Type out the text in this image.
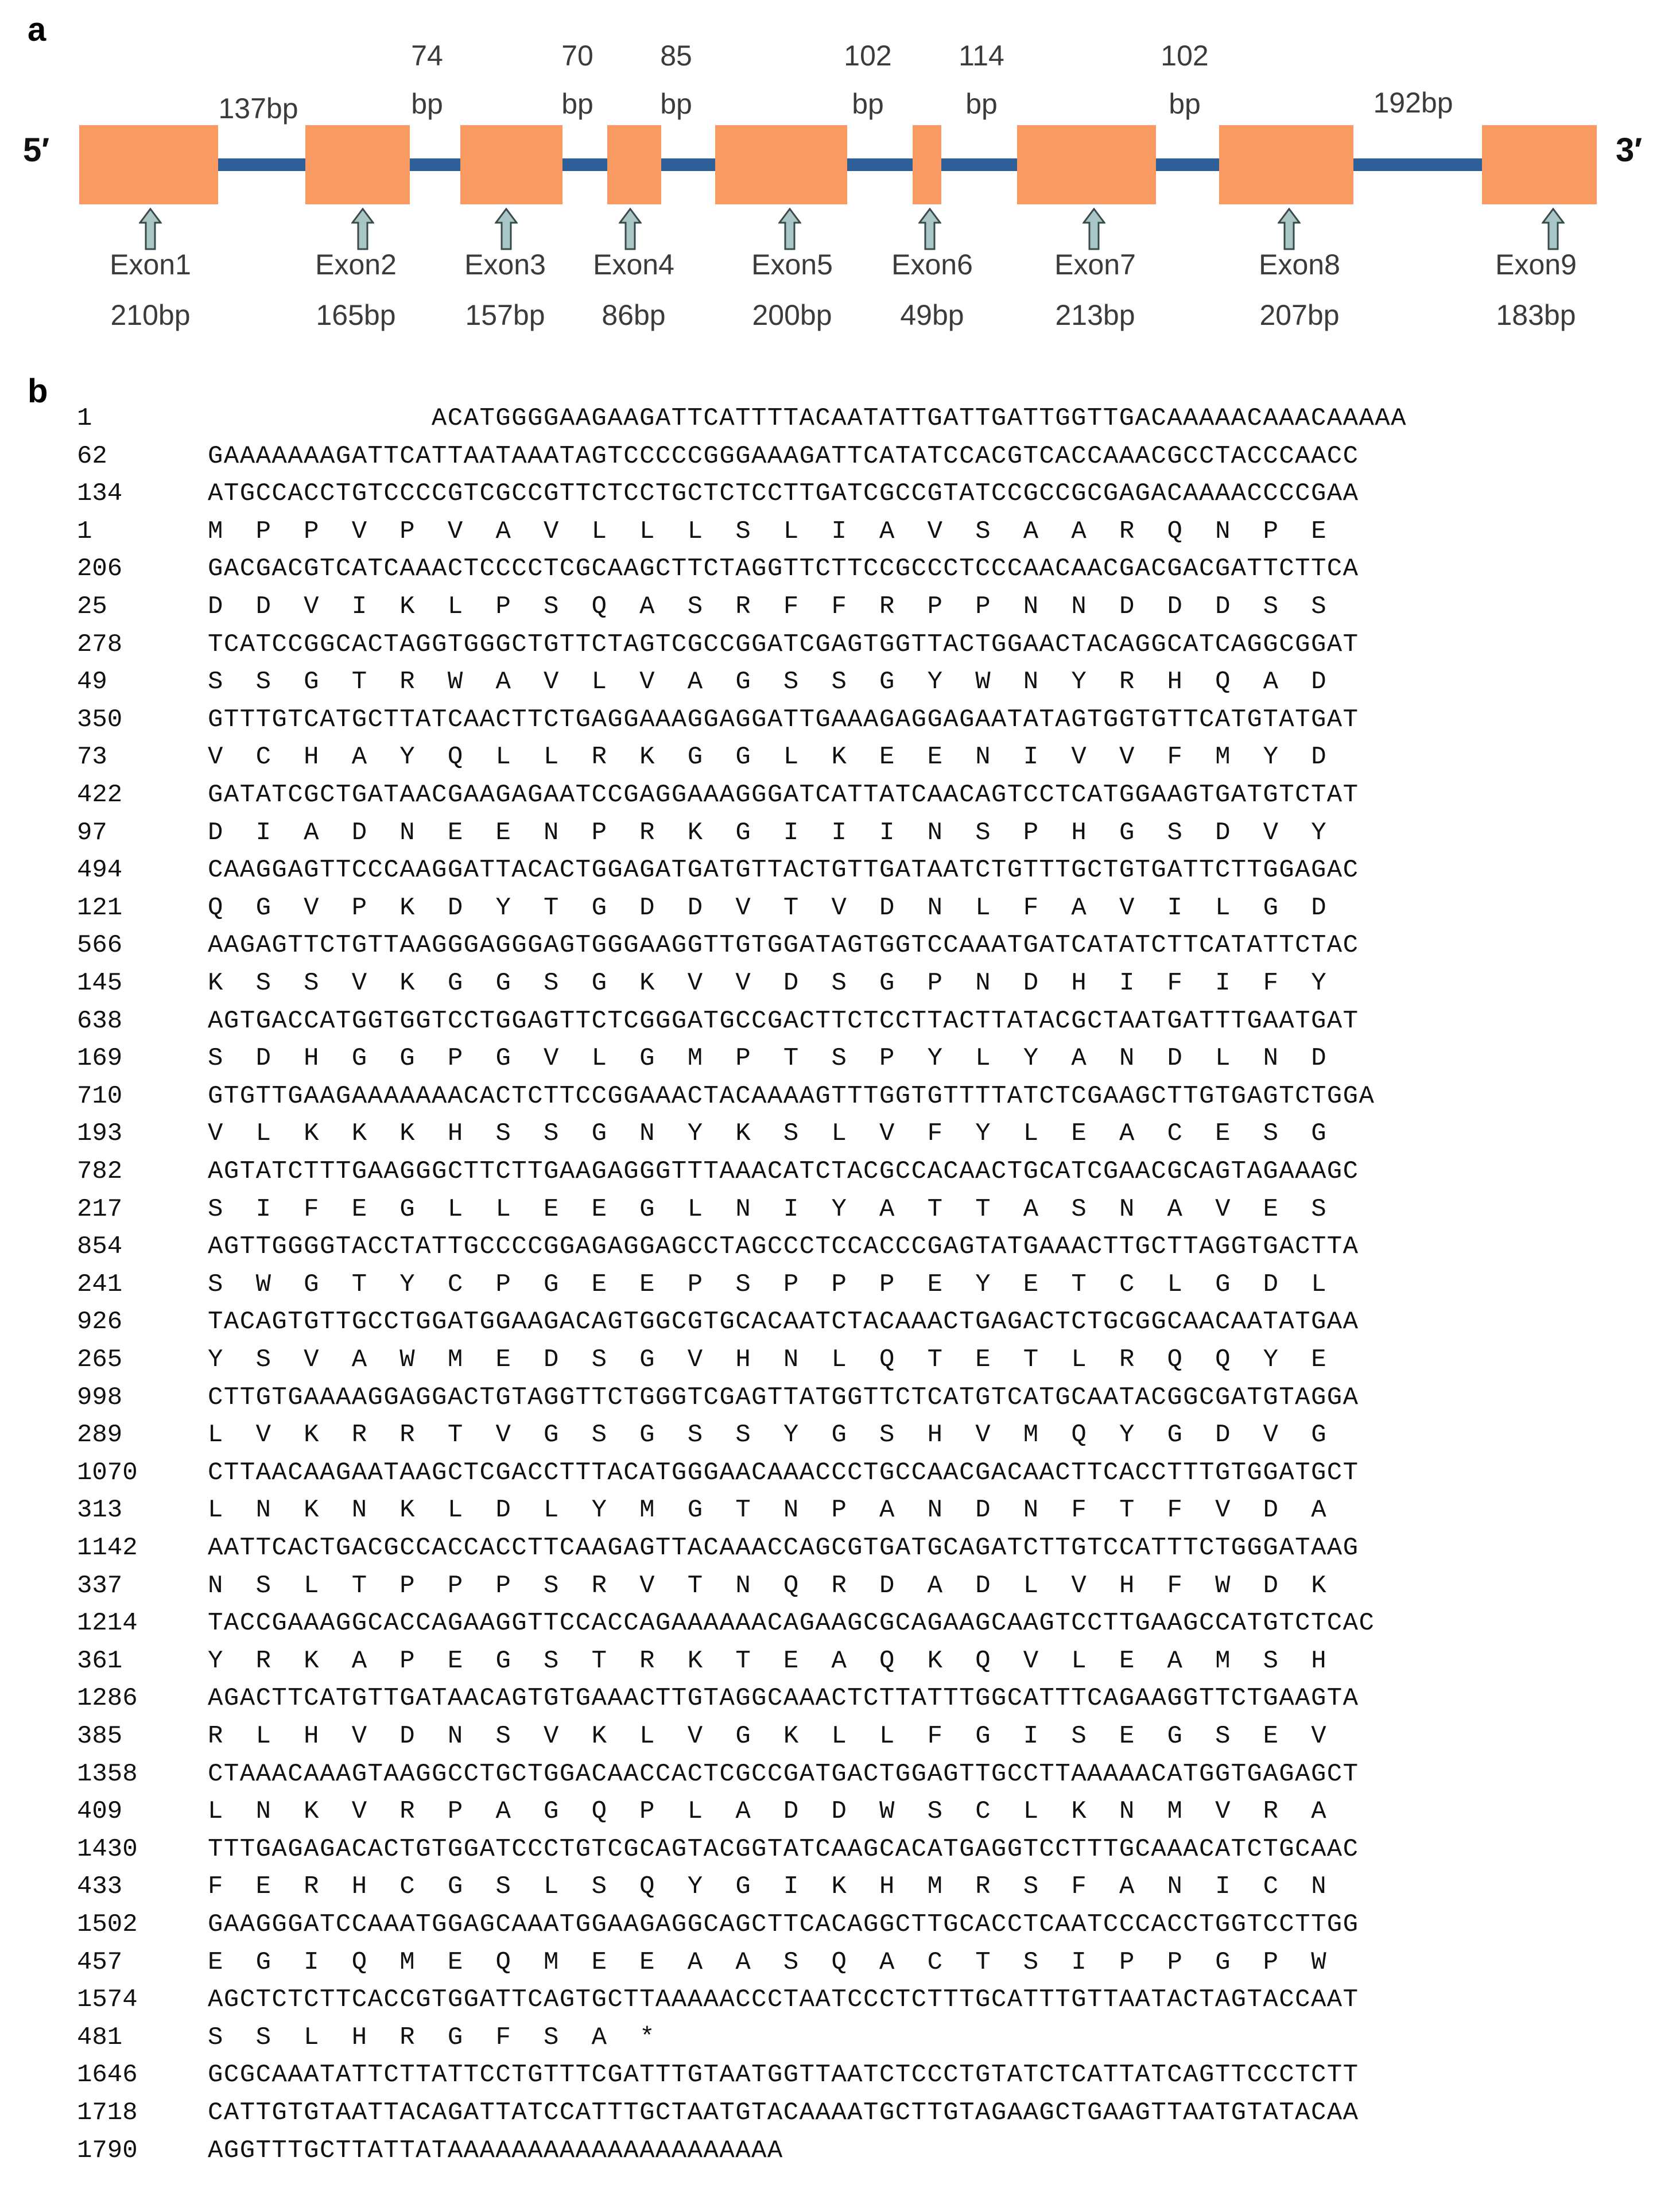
a
5′	3′
Exon1
210bp
Exon2
165bp
Exon3
157bp
Exon4
86bp
Exon5
200bp
Exon6
49bp
Exon7
213bp
Exon8
207bp
Exon9
183bp
137bp
74
bp
70
bp
85
bp
102
bp
114
bp
102
bp	192bp
b
1	ACATGGGGAAGAAGATTCATTTTACAATATTGATTGATTGGTTGACAAAAACAAACAAAAA
62	GAAAAAAAGATTCATTAATAAATAGTCCCCCGGGAAAGATTCATATCCACGTCACCAAACGCCTACCCAACC
134	ATGCCACCTGTCCCCGTCGCCGTTCTCCTGCTCTCCTTGATCGCCGTATCCGCCGCGAGACAAAACCCCGAA
1	M     P     P     V     P     V     A     V     L     L     L     S     L     I     A     V     S     A     A     R     Q     N     P     E
206	GACGACGTCATCAAACTCCCCTCGCAAGCTTCTAGGTTCTTCCGCCCTCCCAACAACGACGACGATTCTTCA
25	D     D     V     I     K     L     P     S     Q     A     S     R     F     F     R     P     P     N     N     D     D     D     S     S
278	TCATCCGGCACTAGGTGGGCTGTTCTAGTCGCCGGATCGAGTGGTTACTGGAACTACAGGCATCAGGCGGAT
49	S     S     G     T     R     W     A     V     L     V     A     G     S     S     G     Y     W     N     Y     R     H     Q     A     D
350	GTTTGTCATGCTTATCAACTTCTGAGGAAAGGAGGATTGAAAGAGGAGAATATAGTGGTGTTCATGTATGAT
73	V     C     H     A     Y     Q     L     L     R     K     G     G     L     K     E     E     N     I     V     V     F     M     Y     D
422	GATATCGCTGATAACGAAGAGAATCCGAGGAAAGGGATCATTATCAACAGTCCTCATGGAAGTGATGTCTAT
97	D     I     A     D     N     E     E     N     P     R     K     G     I     I     I     N     S     P     H     G     S     D     V     Y
494	CAAGGAGTTCCCAAGGATTACACTGGAGATGATGTTACTGTTGATAATCTGTTTGCTGTGATTCTTGGAGAC
121	Q     G     V     P     K     D     Y     T     G     D     D     V     T     V     D     N     L     F     A     V     I     L     G     D
566	AAGAGTTCTGTTAAGGGAGGGAGTGGGAAGGTTGTGGATAGTGGTCCAAATGATCATATCTTCATATTCTAC
145	K     S     S     V     K     G     G     S     G     K     V     V     D     S     G     P     N     D     H     I     F     I     F     Y
638	AGTGACCATGGTGGTCCTGGAGTTCTCGGGATGCCGACTTCTCCTTACTTATACGCTAATGATTTGAATGAT
169	S     D     H     G     G     P     G     V     L     G     M     P     T     S     P     Y     L     Y     A     N     D     L     N     D
710	GTGTTGAAGAAAAAAACACTCTTCCGGAAACTACAAAAGTTTGGTGTTTTATCTCGAAGCTTGTGAGTCTGGA
193	V     L     K     K     K     H     S     S     G     N     Y     K     S     L     V     F     Y     L     E     A     C     E     S     G
782	AGTATCTTTGAAGGGCTTCTTGAAGAGGGTTTAAACATCTACGCCACAACTGCATCGAACGCAGTAGAAAGC
217	S     I     F     E     G     L     L     E     E     G     L     N     I     Y     A     T     T     A     S     N     A     V     E     S
854	AGTTGGGGTACCTATTGCCCCGGAGAGGAGCCTAGCCCTCCACCCGAGTATGAAACTTGCTTAGGTGACTTA
241	S     W     G     T     Y     C     P     G     E     E     P     S     P     P     P     E     Y     E     T     C     L     G     D     L
926	TACAGTGTTGCCTGGATGGAAGACAGTGGCGTGCACAATCTACAAACTGAGACTCTGCGGCAACAATATGAA
265	Y     S     V     A     W     M     E     D     S     G     V     H     N     L     Q     T     E     T     L     R     Q     Q     Y     E
998	CTTGTGAAAAGGAGGACTGTAGGTTCTGGGTCGAGTTATGGTTCTCATGTCATGCAATACGGCGATGTAGGA
289	L     V     K     R     R     T     V     G     S     G     S     S     Y     G     S     H     V     M     Q     Y     G     D     V     G
1070	CTTAACAAGAATAAGCTCGACCTTTACATGGGAACAAACCCTGCCAACGACAACTTCACCTTTGTGGATGCT
313	L     N     K     N     K     L     D     L     Y     M     G     T     N     P     A     N     D     N     F     T     F     V     D     A
1142	AATTCACTGACGCCACCACCTTCAAGAGTTACAAACCAGCGTGATGCAGATCTTGTCCATTTCTGGGATAAG
337	N     S     L     T     P     P     P     S     R     V     T     N     Q     R     D     A     D     L     V     H     F     W     D     K
1214	TACCGAAAGGCACCAGAAGGTTCCACCAGAAAAAACAGAAGCGCAGAAGCAAGTCCTTGAAGCCATGTCTCAC
361	Y     R     K     A     P     E     G     S     T     R     K     T     E     A     Q     K     Q     V     L     E     A     M     S     H
1286	AGACTTCATGTTGATAACAGTGTGAAACTTGTAGGCAAACTCTTATTTGGCATTTCAGAAGGTTCTGAAGTA
385	R     L     H     V     D     N     S     V     K     L     V     G     K     L     L     F     G     I     S     E     G     S     E     V
1358	CTAAACAAAGTAAGGCCTGCTGGACAACCACTCGCCGATGACTGGAGTTGCCTTAAAAACATGGTGAGAGCT
409	L     N     K     V     R     P     A     G     Q     P     L     A     D     D     W     S     C     L     K     N     M     V     R     A
1430	TTTGAGAGACACTGTGGATCCCTGTCGCAGTACGGTATCAAGCACATGAGGTCCTTTGCAAACATCTGCAAC
433	F     E     R     H     C     G     S     L     S     Q     Y     G     I     K     H     M     R     S     F     A     N     I     C     N
1502	GAAGGGATCCAAATGGAGCAAATGGAAGAGGCAGCTTCACAGGCTTGCACCTCAATCCCACCTGGTCCTTGG
457	E     G     I     Q     M     E     Q     M     E     E     A     A     S     Q     A     C     T     S     I     P     P     G     P     W
1574	AGCTCTCTTCACCGTGGATTCAGTGCTTAAAAACCCTAATCCCTCTTTGCATTTGTTAATACTAGTACCAAT
481	S     S     L     H     R     G     F     S     A     *
1646	GCGCAAATATTCTTATTCCTGTTTCGATTTGTAATGGTTAATCTCCCTGTATCTCATTATCAGTTCCCTCTT
1718	CATTGTGTAATTACAGATTATCCATTTGCTAATGTACAAAATGCTTGTAGAAGCTGAAGTTAATGTATACAA
1790	AGGTTTGCTTATTATAAAAAAAAAAAAAAAAAAAAA
